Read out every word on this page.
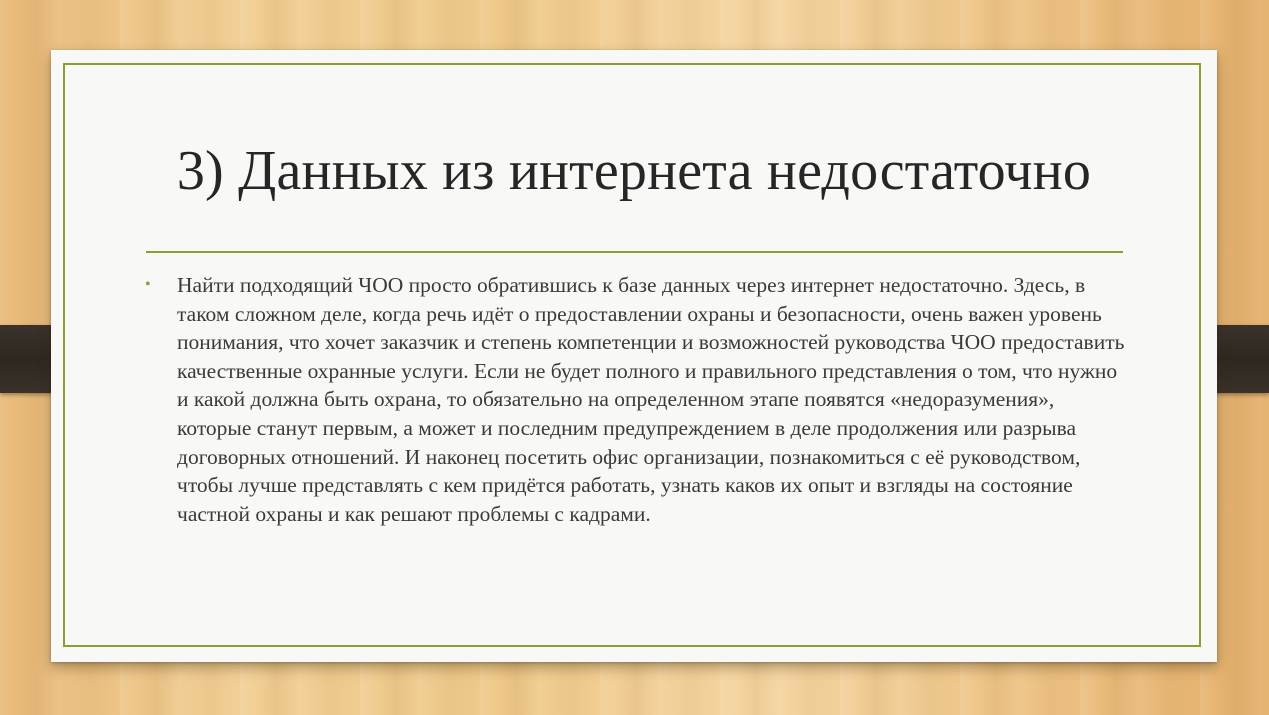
3) Данных из интернета недостаточно
•	Найти подходящий ЧОО просто обратившись к базе данных через интернет недостаточно. Здесь, в таком сложном деле, когда речь идёт о предоставлении охраны и безопасности, очень важен уровень понимания, что хочет заказчик и степень компетенции и возможностей руководства ЧОО предоставить качественные охранные услуги. Если не будет полного и правильного представления о том, что нужно и какой должна быть охрана, то обязательно на определенном этапе появятся «недоразумения», которые станут первым, а может и последним предупреждением в деле продолжения или разрыва договорных отношений. И наконец посетить офис организации, познакомиться с её руководством, чтобы лучше представлять с кем придётся работать, узнать каков их опыт и взгляды на состояние частной охраны и как решают проблемы с кадрами.
